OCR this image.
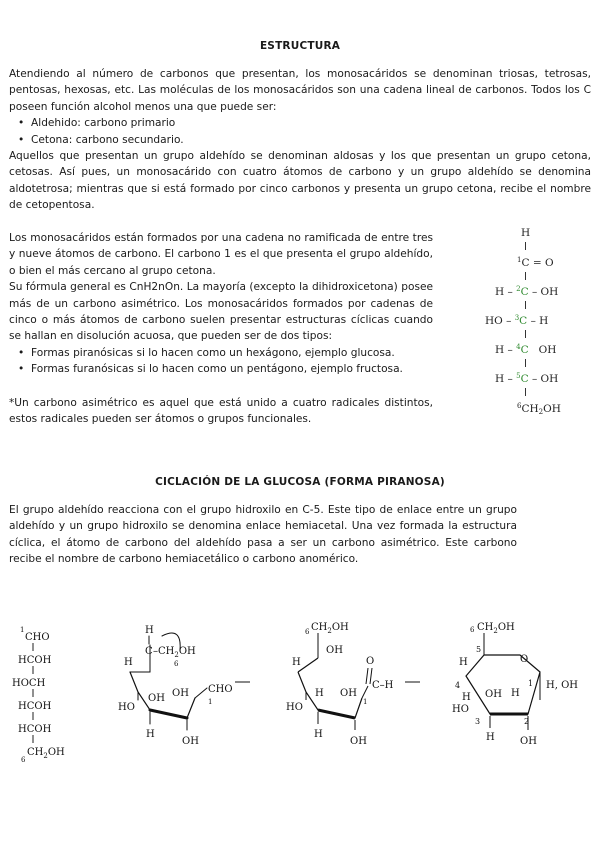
ESTRUCTURA

Atendiendo al número de carbonos que presentan, los monosacáridos se denominan triosas, tetrosas, pentosas, hexosas, etc. Las moléculas de los monosacáridos son una cadena lineal de carbonos. Todos los C poseen función alcohol menos una que puede ser:

• Aldehido: carbono primario
• Cetona: carbono secundario.

Aquellos que presentan un grupo aldehído se denominan aldosas y los que presentan un grupo cetona, cetosas. Así pues, un monosacárido con cuatro átomos de carbono y un grupo aldehído se denomina aldotetrosa; mientras que si está formado por cinco carbonos y presenta un grupo cetona, recibe el nombre de cetopentosa.

Los monosacáridos están formados por una cadena no ramificada de entre tres y nueve átomos de carbono. El carbono 1 es el que presenta el grupo aldehído, o bien el más cercano al grupo cetona.

Su fórmula general es CnH2nOn. La mayoría (excepto la dihidroxicetona) posee más de un carbono asimétrico. Los monosacáridos formados por cadenas de cinco o más átomos de carbono suelen presentar estructuras cíclicas cuando se hallan en disolución acuosa, que pueden ser de dos tipos:

• Formas piranósicas si lo hacen como un hexágono, ejemplo glucosa.
• Formas furanósicas si lo hacen como un pentágono, ejemplo fructosa.
*Un carbono asimétrico es aquel que está unido a cuatro radicales distintos, estos radicales pueden ser átomos o grupos funcionales.
H
$^1$C = O
H – $^2$C – OH
HO – $^3$C – H
H – $^4$C OH
H – $^5$C – OH
$^6CH_2OH$
CICLACIÓN DE LA GLUCOSA (FORMA PIRANOSA)
El grupo aldehído reacciona con el grupo hidroxilo en C-5. Este tipo de enlace entre un grupo aldehído y un grupo hidroxilo se denomina enlace hemiacetal. Una vez formada la estructura cíclica, el átomo de carbono del aldehído pasa a ser un carbono asimétrico. Este carbono recibe el nombre de carbono hemiacetálico o carbono anomérico.
1
CHO
HCOH
HOCH
HCOH
HCOH
$CH_2OH$
6
H
C $-CH_2OH$
6
H
OH OH
HO
CHO
1
H
OH
6 $CH_2OH$
OH
H
H OH
HO
O
C–H
1
H
OH
6 $CH_2OH$
O
5
4	1
3	2
H
H OH
HO
H
H, OH
H	OH
